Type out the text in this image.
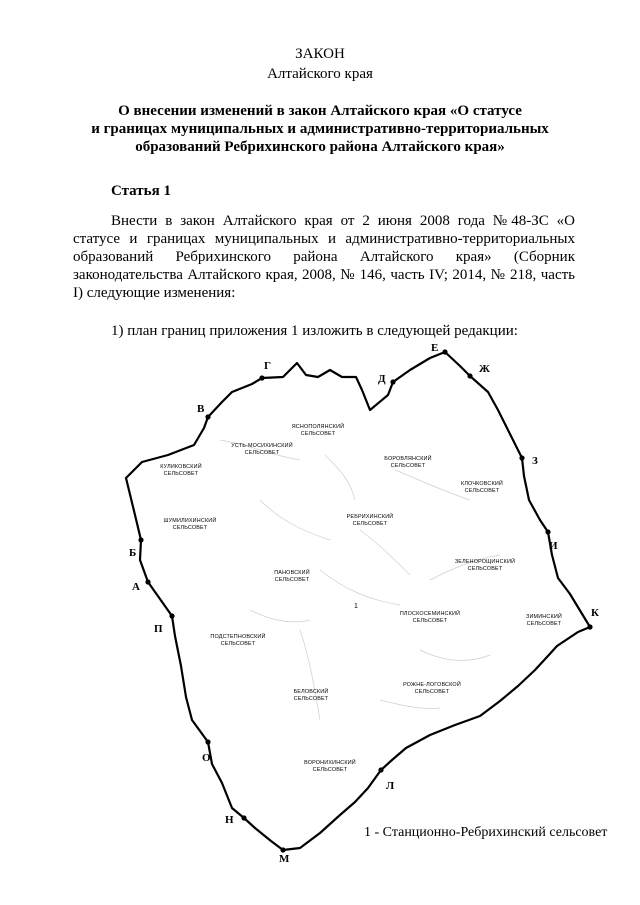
ЗАКОН
Алтайского края
О внесении изменений в закон Алтайского края «О статусе
и границах муниципальных и административно-территориальных
образований Ребрихинского района Алтайского края»
Статья 1
Внести в закон Алтайского края от 2 июня 2008 года №48-ЗС «О статусе и границах муниципальных и административно-территориальных образований Ребрихинского района Алтайского края» (Сборник законодательства Алтайского края, 2008, № 146, часть IV; 2014, № 218, часть I) следующие изменения:
1) план границ приложения 1 изложить в следующей редакции:
А
Б
В
Г
Д
Е
Ж
З
И
К
Л
М
Н
О
П
ЯСНОПОЛЯНСКИЙ
СЕЛЬСОВЕТ
УСТЬ-МОСИХИНСКИЙ
СЕЛЬСОВЕТ
БОРОВЛЯНСКИЙ
СЕЛЬСОВЕТ
КУЛИКОВСКИЙ
СЕЛЬСОВЕТ
КЛОЧКОВСКИЙ
СЕЛЬСОВЕТ
ШУМИЛИХИНСКИЙ
СЕЛЬСОВЕТ
РЕБРИХИНСКИЙ
СЕЛЬСОВЕТ
ЗЕЛЕНОРОЩИНСКИЙ
СЕЛЬСОВЕТ
ПАНОВСКИЙ
СЕЛЬСОВЕТ
ПЛОСКОСЕМИНСКИЙ
СЕЛЬСОВЕТ
ЗИМИНСКИЙ
СЕЛЬСОВЕТ
ПОДСТЕПНОВСКИЙ
СЕЛЬСОВЕТ
РОЖНЕ-ЛОГОВСКОЙ
СЕЛЬСОВЕТ
БЕЛОВСКИЙ
СЕЛЬСОВЕТ
ВОРОНИХИНСКИЙ
СЕЛЬСОВЕТ
1
1 - Станционно-Ребрихинский сельсовет
